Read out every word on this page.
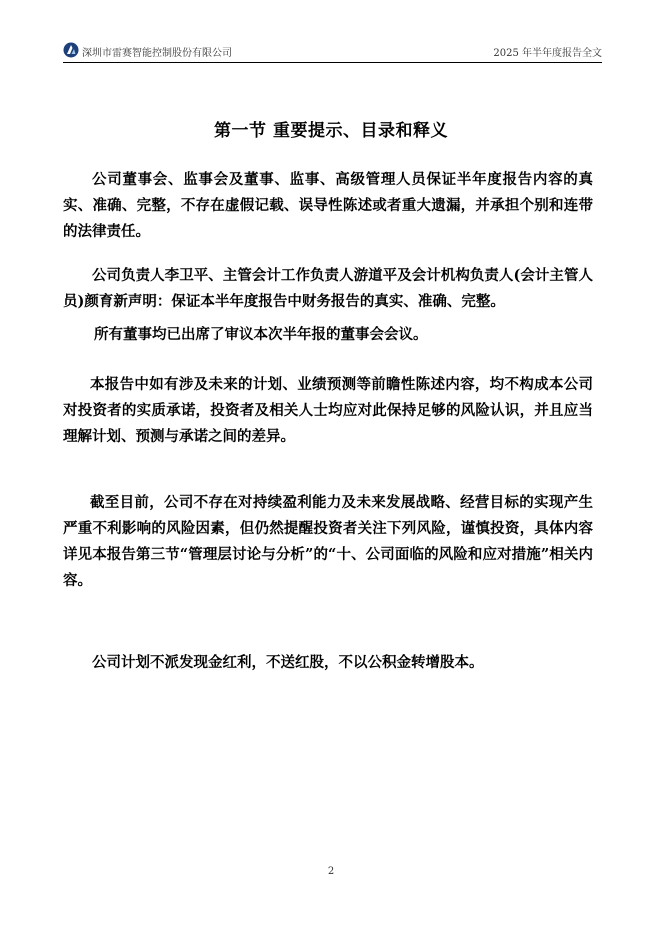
深圳市雷赛智能控制股份有限公司	2025 年半年度报告全文
第一节 重要提示、目录和释义

公司董事会、监事会及董事、监事、高级管理人员保证半年度报告内容的真实、准确、完整，不存在虚假记载、误导性陈述或者重大遗漏，并承担个别和连带的法律责任。

公司负责人李卫平、主管会计工作负责人游道平及会计机构负责人(会计主管人员)颜育新声明：保证本半年度报告中财务报告的真实、准确、完整。

所有董事均已出席了审议本次半年报的董事会会议。

本报告中如有涉及未来的计划、业绩预测等前瞻性陈述内容，均不构成本公司对投资者的实质承诺，投资者及相关人士均应对此保持足够的风险认识，并且应当理解计划、预测与承诺之间的差异。

截至目前，公司不存在对持续盈利能力及未来发展战略、经营目标的实现产生严重不利影响的风险因素，但仍然提醒投资者关注下列风险，谨慎投资，具体内容详见本报告第三节“管理层讨论与分析”的“十、公司面临的风险和应对措施”相关内容。

公司计划不派发现金红利，不送红股，不以公积金转增股本。

2
